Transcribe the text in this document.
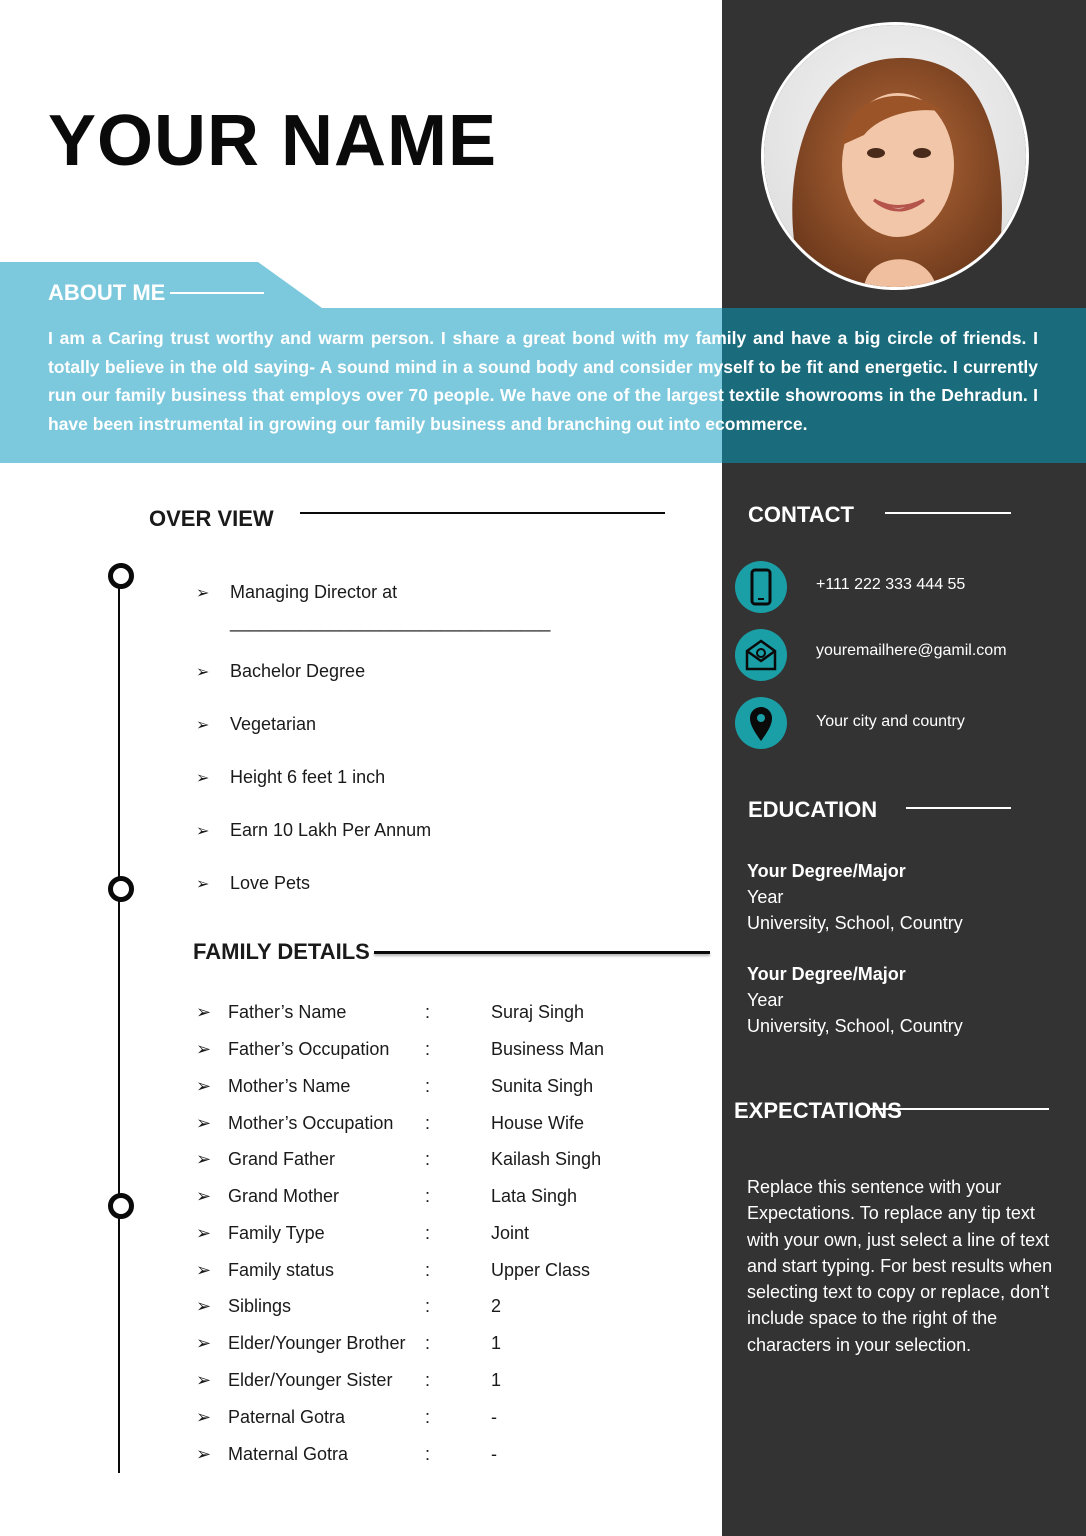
YOUR NAME
ABOUT ME

I am a Caring trust worthy and warm person. I share a great bond with my family and have a big circle of friends. I totally believe in the old saying- A sound mind in a sound body and consider myself to be fit and energetic. I currently run our family business that employs over 70 people. We have one of the largest textile showrooms in the Dehradun. I have been instrumental in growing our family business and branching out into ecommerce.

OVER VIEW
➢ Managing Director at
________________________________
➢ Bachelor Degree
➢ Vegetarian
➢ Height 6 feet 1 inch
➢ Earn 10 Lakh Per Annum
➢ Love Pets
FAMILY DETAILS
➢ Father’s Name	:	Suraj Singh
➢ Father’s Occupation :	Business Man
➢ Mother’s Name	:	Sunita Singh
➢ Mother’s Occupation :	House Wife
➢ Grand Father	:	Kailash Singh
➢ Grand Mother	:	Lata Singh
➢ Family Type	:	Joint
➢ Family status	:	Upper Class
➢ Siblings	:	2
➢ Elder/Younger Brother :	1
➢ Elder/Younger Sister :	1
➢ Paternal Gotra	:	-
➢ Maternal Gotra	:	-
CONTACT
+111 222 333 444 55
youremailhere@gamil.com
Your city and country
EDUCATION
Your Degree/Major
Year
University, School, Country
Your Degree/Major
Year
University, School, Country
EXPECTATIONS

Replace this sentence with your Expectations. To replace any tip text with your own, just select a line of text and start typing. For best results when selecting text to copy or replace, don’t include space to the right of the characters in your selection.
